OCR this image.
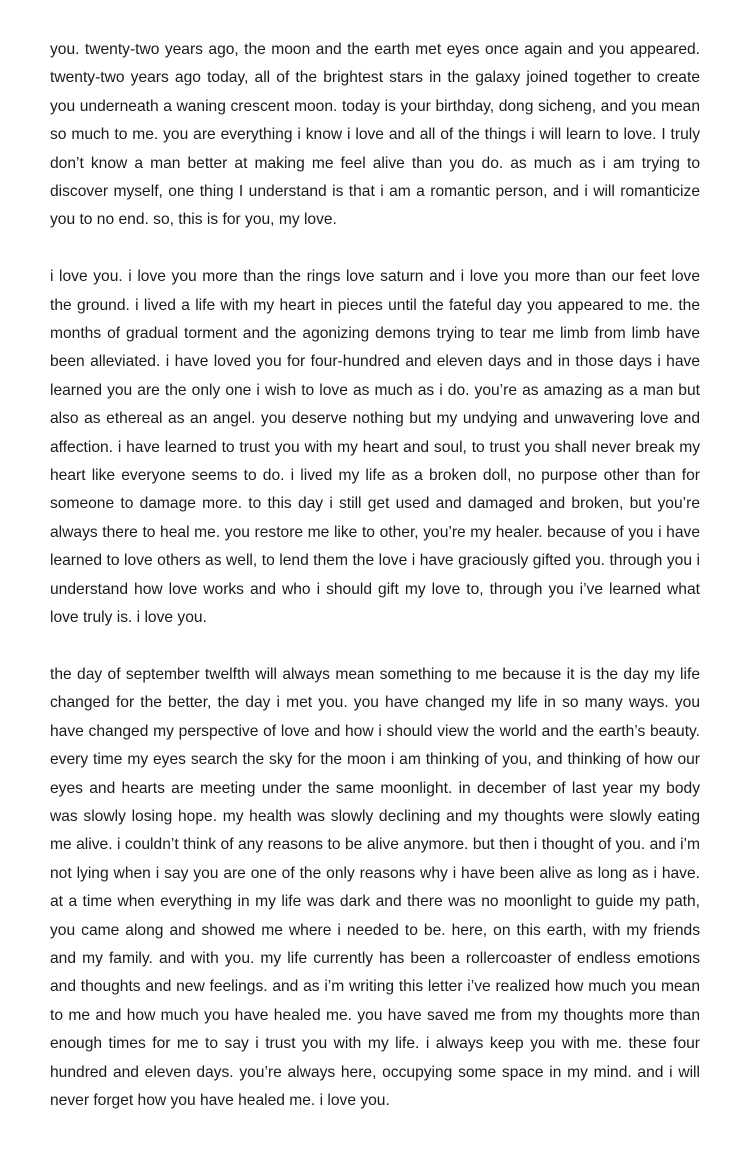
you. twenty-two years ago, the moon and the earth met eyes once again and you appeared. twenty-two years ago today, all of the brightest stars in the galaxy joined together to create you underneath a waning crescent moon. today is your birthday, dong sicheng, and you mean so much to me. you are everything i know i love and all of the things i will learn to love. I truly don’t know a man better at making me feel alive than you do. as much as i am trying to discover myself, one thing I understand is that i am a romantic person, and i will romanticize you to no end. so, this is for you, my love.

i love you. i love you more than the rings love saturn and i love you more than our feet love the ground. i lived a life with my heart in pieces until the fateful day you appeared to me. the months of gradual torment and the agonizing demons trying to tear me limb from limb have been alleviated. i have loved you for four-hundred and eleven days and in those days i have learned you are the only one i wish to love as much as i do. you’re as amazing as a man but also as ethereal as an angel. you deserve nothing but my undying and unwavering love and affection. i have learned to trust you with my heart and soul, to trust you shall never break my heart like everyone seems to do. i lived my life as a broken doll, no purpose other than for someone to damage more. to this day i still get used and damaged and broken, but you’re always there to heal me. you restore me like to other, you’re my healer. because of you i have learned to love others as well, to lend them the love i have graciously gifted you. through you i understand how love works and who i should gift my love to, through you i’ve learned what love truly is. i love you.

the day of september twelfth will always mean something to me because it is the day my life changed for the better, the day i met you. you have changed my life in so many ways. you have changed my perspective of love and how i should view the world and the earth’s beauty. every time my eyes search the sky for the moon i am thinking of you, and thinking of how our eyes and hearts are meeting under the same moonlight. in december of last year my body was slowly losing hope. my health was slowly declining and my thoughts were slowly eating me alive. i couldn’t think of any reasons to be alive anymore. but then i thought of you. and i’m not lying when i say you are one of the only reasons why i have been alive as long as i have. at a time when everything in my life was dark and there was no moonlight to guide my path, you came along and showed me where i needed to be. here, on this earth, with my friends and my family. and with you. my life currently has been a rollercoaster of endless emotions and thoughts and new feelings. and as i’m writing this letter i’ve realized how much you mean to me and how much you have healed me. you have saved me from my thoughts more than enough times for me to say i trust you with my life. i always keep you with me. these four hundred and eleven days. you’re always here, occupying some space in my mind. and i will never forget how you have healed me. i love you.
